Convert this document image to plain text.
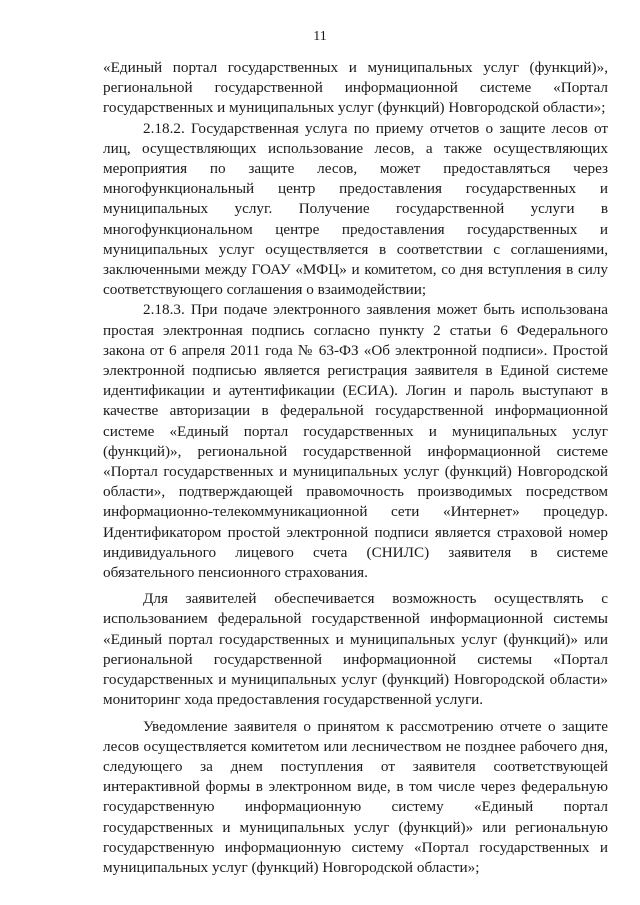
11

«Единый портал государственных и муниципальных услуг (функций)», региональной государственной информационной системе «Портал государственных и муниципальных услуг (функций) Новгородской области»;

2.18.2. Государственная услуга по приему отчетов о защите лесов от лиц, осуществляющих использование лесов, а также осуществляющих мероприятия по защите лесов, может предоставляться через многофункциональный центр предоставления государственных и муниципальных услуг. Получение государственной услуги в многофункциональном центре предоставления государственных и муниципальных услуг осуществляется в соответствии с соглашениями, заключенными между ГОАУ «МФЦ» и комитетом, со дня вступления в силу соответствующего соглашения о взаимодействии;

2.18.3. При подаче электронного заявления может быть использована простая электронная подпись согласно пункту 2 статьи 6 Федерального закона от 6 апреля 2011 года № 63-ФЗ «Об электронной подписи». Простой электронной подписью является регистрация заявителя в Единой системе идентификации и аутентификации (ЕСИА). Логин и пароль выступают в качестве авторизации в федеральной государственной информационной системе «Единый портал государственных и муниципальных услуг (функций)», региональной государственной информационной системе «Портал государственных и муниципальных услуг (функций) Новгородской области», подтверждающей правомочность производимых посредством информационно-телекоммуникационной сети «Интернет» процедур. Идентификатором простой электронной подписи является страховой номер индивидуального лицевого счета (СНИЛС) заявителя в системе обязательного пенсионного страхования.

Для заявителей обеспечивается возможность осуществлять с использованием федеральной государственной информационной системы «Единый портал государственных и муниципальных услуг (функций)» или региональной государственной информационной системы «Портал государственных и муниципальных услуг (функций) Новгородской области» мониторинг хода предоставления государственной услуги.

Уведомление заявителя о принятом к рассмотрению отчете о защите лесов осуществляется комитетом или лесничеством не позднее рабочего дня, следующего за днем поступления от заявителя соответствующей интерактивной формы в электронном виде, в том числе через федеральную государственную информационную систему «Единый портал государственных и муниципальных услуг (функций)» или региональную государственную информационную систему «Портал государственных и муниципальных услуг (функций) Новгородской области»;
